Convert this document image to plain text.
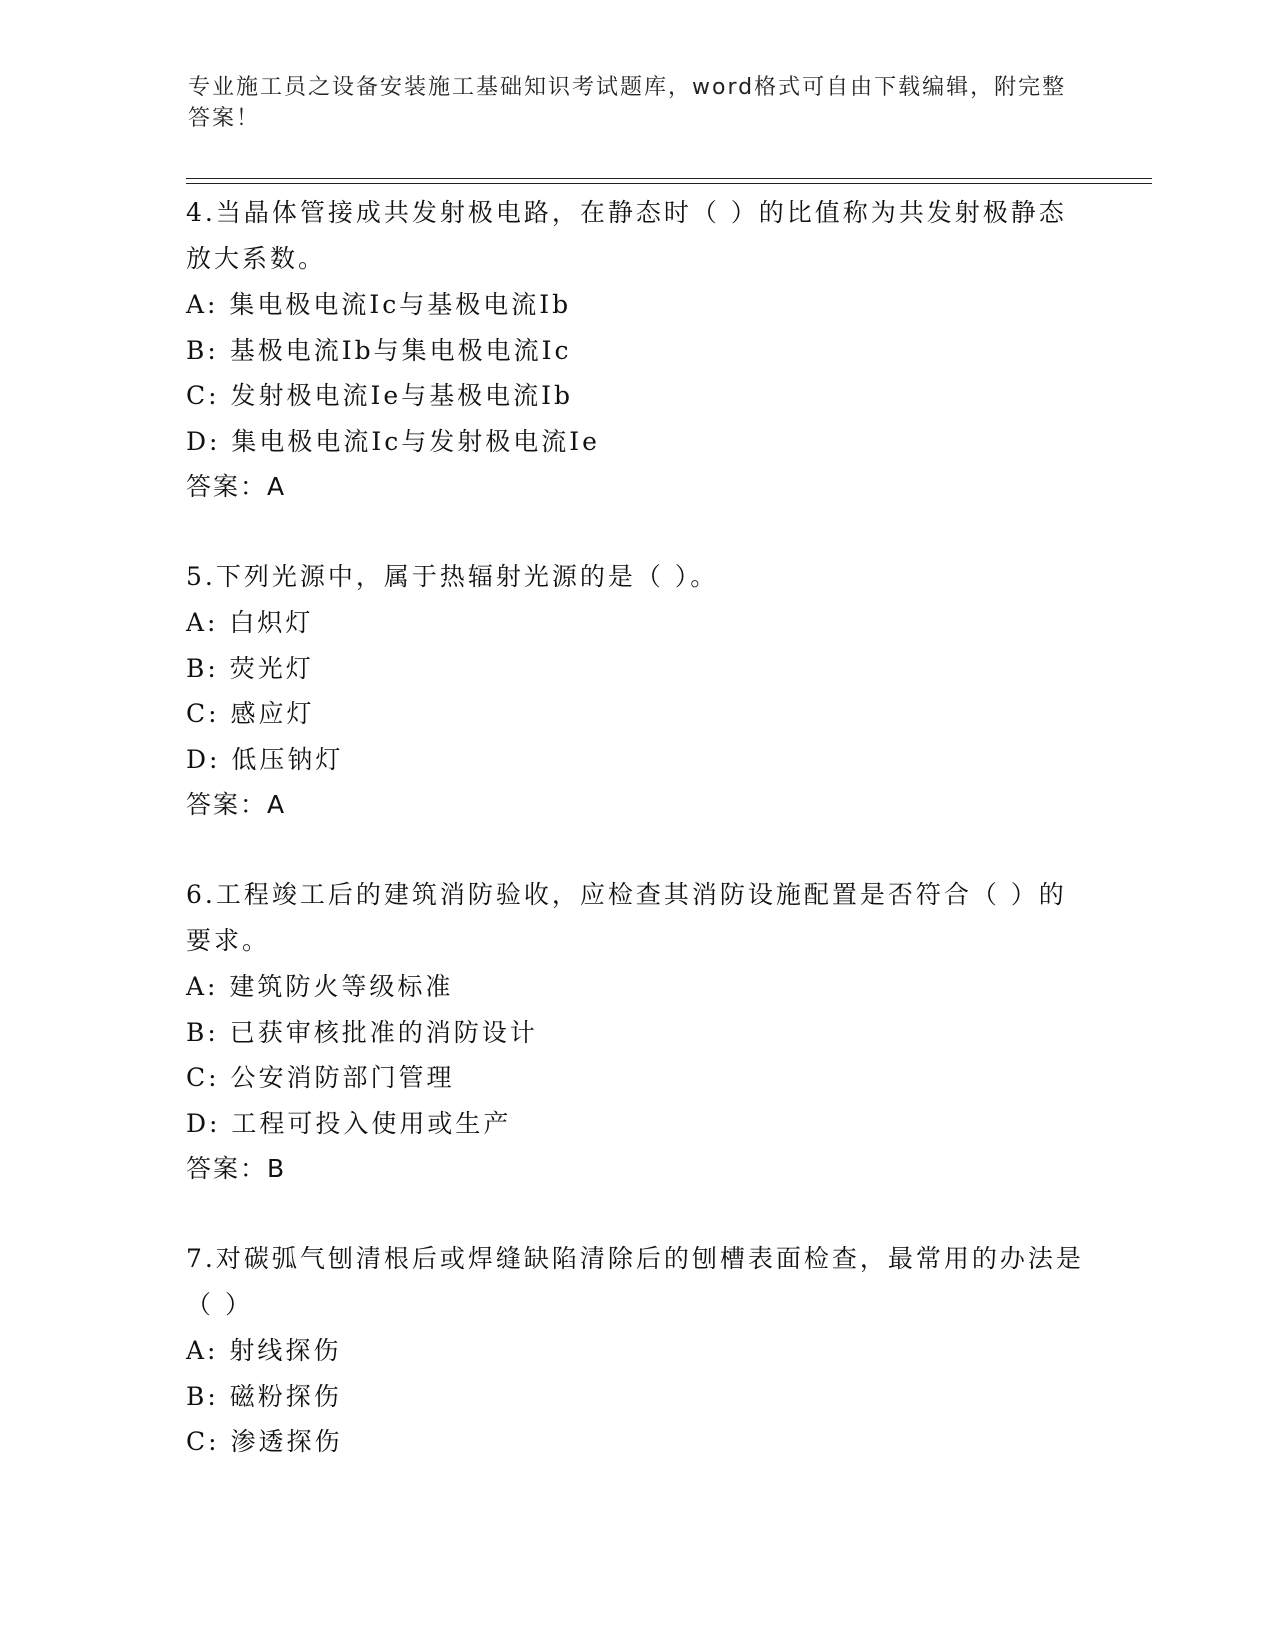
专业施工员之设备安装施工基础知识考试题库，word格式可自由下载编辑，附完整答案！

4.当晶体管接成共发射极电路，在静态时（ ）的比值称为共发射极静态放大系数。

A: 集电极电流Ic与基极电流Ib

B: 基极电流Ib与集电极电流Ic

C: 发射极电流Ie与基极电流Ib

D: 集电极电流Ic与发射极电流Ie

答案：A

5.下列光源中，属于热辐射光源的是（ ）。

A: 白炽灯

B: 荧光灯

C: 感应灯

D: 低压钠灯

答案：A

6.工程竣工后的建筑消防验收，应检查其消防设施配置是否符合（ ）的要求。

A: 建筑防火等级标准

B: 已获审核批准的消防设计

C: 公安消防部门管理

D: 工程可投入使用或生产

答案：B

7.对碳弧气刨清根后或焊缝缺陷清除后的刨槽表面检查，最常用的办法是（ ）

A: 射线探伤

B: 磁粉探伤

C: 渗透探伤
